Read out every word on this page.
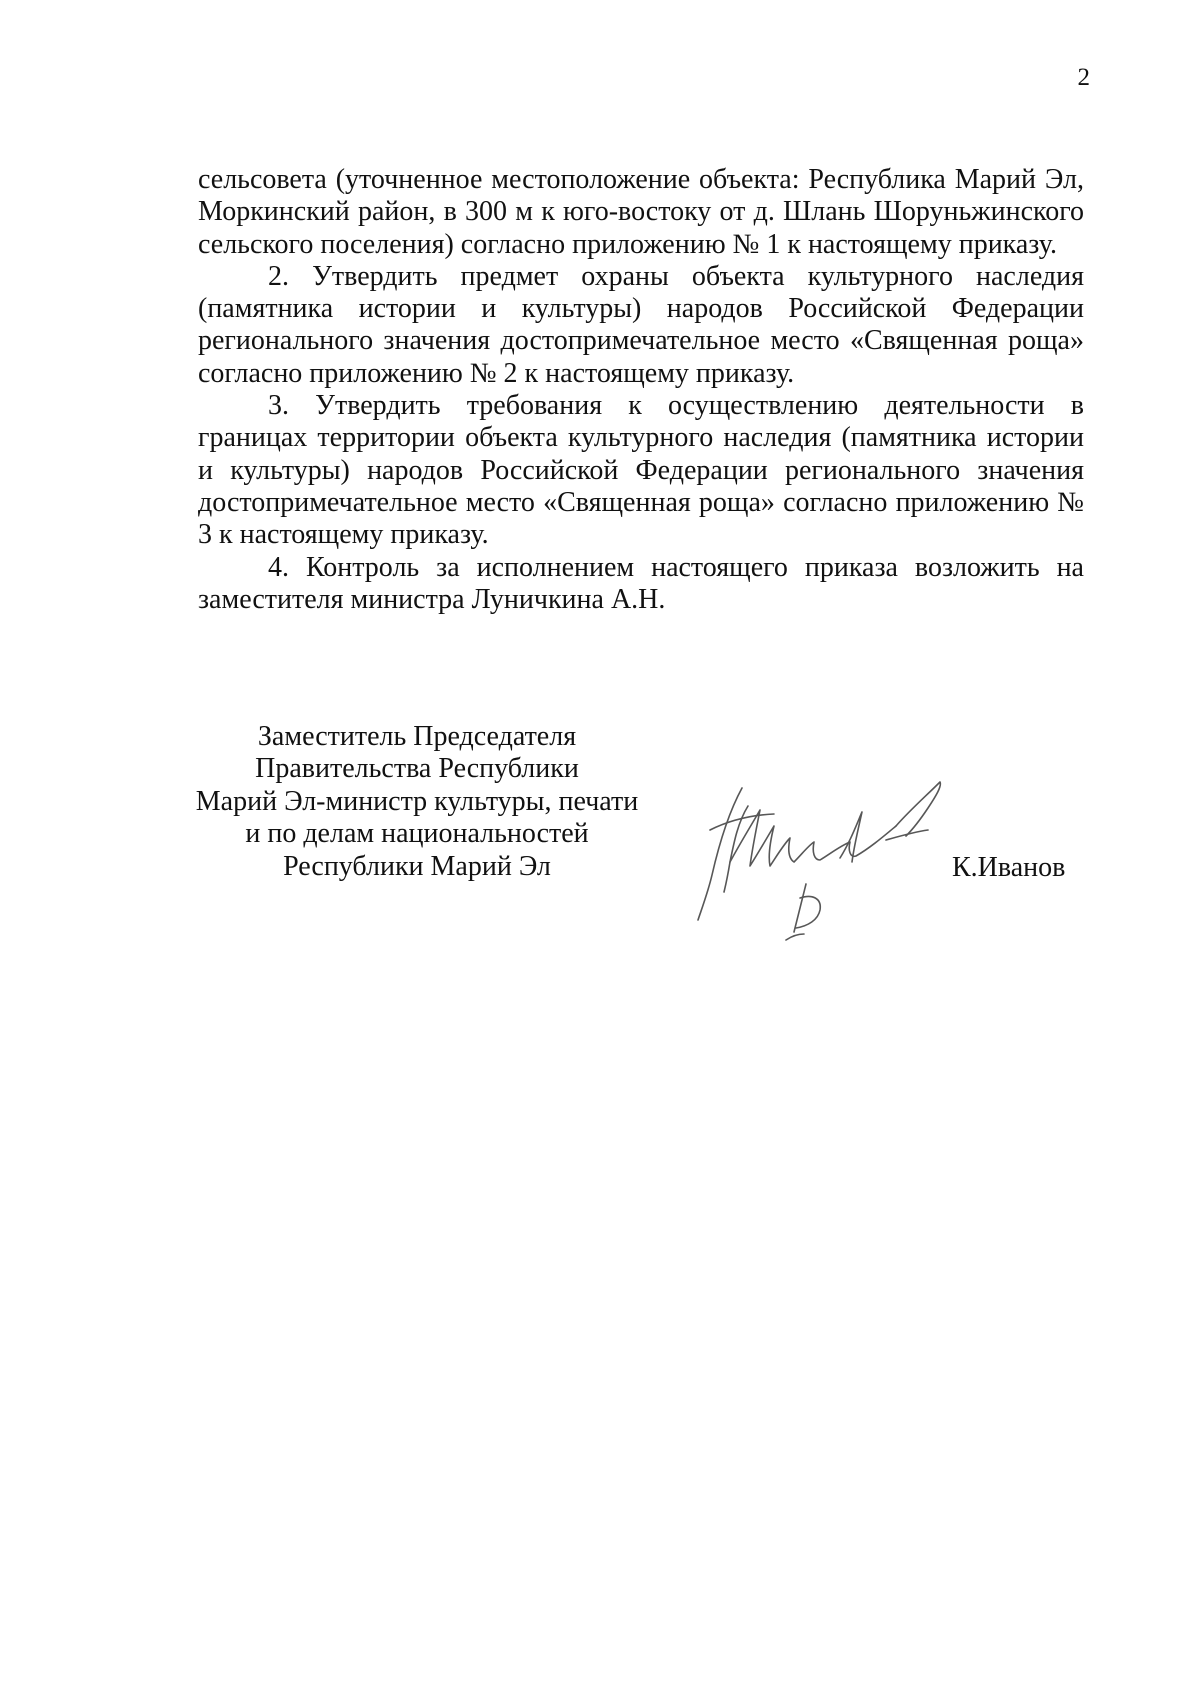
2

сельсовета (уточненное местоположение объекта: Республика Марий Эл, Моркинский район, в 300 м к юго-востоку от д. Шлань Шоруньжинского сельского поселения) согласно приложению № 1 к настоящему приказу.

2. Утвердить предмет охраны объекта культурного наследия (памятника истории и культуры) народов Российской Федерации регионального значения достопримечательное место «Священная роща» согласно приложению № 2 к настоящему приказу.

3. Утвердить требования к осуществлению деятельности в границах территории объекта культурного наследия (памятника истории и культуры) народов Российской Федерации регионального значения достопримечательное место «Священная роща» согласно приложению № 3 к настоящему приказу.

4. Контроль за исполнением настоящего приказа возложить на заместителя министра Луничкина А.Н.

Заместитель Председателя
Правительства Республики
Марий Эл-министр культуры, печати
и по делам национальностей
Республики Марий Эл	К.Иванов
